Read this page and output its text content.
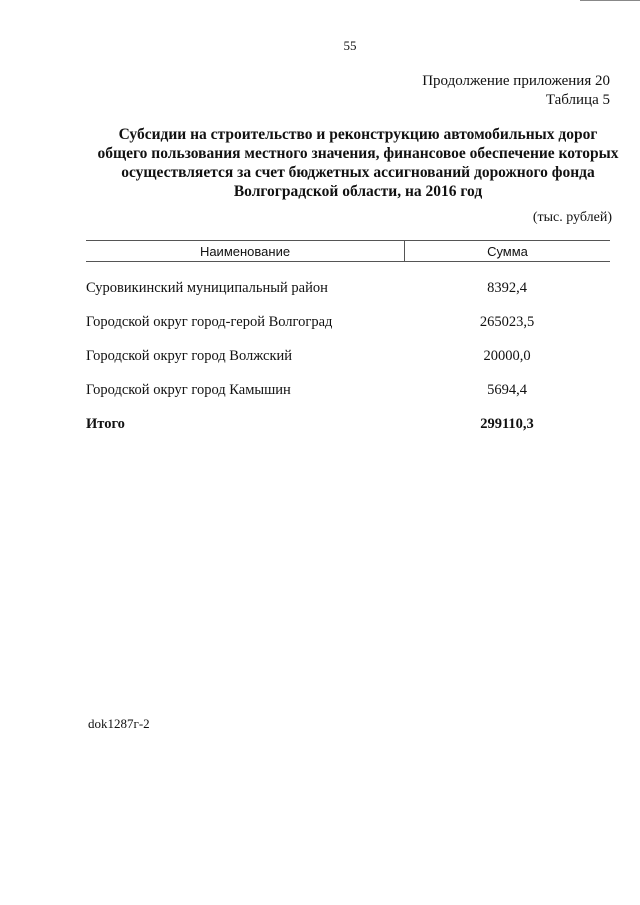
55
Продолжение приложения 20
Таблица 5
Субсидии на строительство и реконструкцию автомобильных дорог
общего пользования местного значения, финансовое обеспечение которых
осуществляется за счет бюджетных ассигнований дорожного фонда
Волгоградской области, на 2016 год
(тыс. рублей)
Наименование	Сумма
Суровикинский муниципальный район	8392,4
Городской округ город-герой Волгоград	265023,5
Городской округ город Волжский	20000,0
Городской округ город Камышин	5694,4
Итого	299110,3
dok1287г-2
